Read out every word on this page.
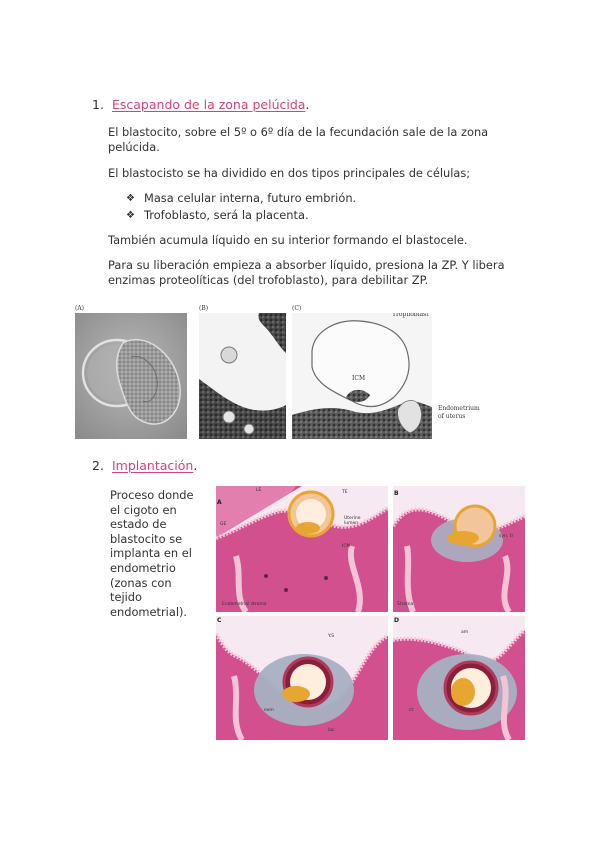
1. Escapando de la zona pelúcida.
El blastocito, sobre el 5º o 6º día de la fecundación sale de la zona
pelúcida.
El blastocisto se ha dividido en dos tipos principales de células;
❖ Masa celular interna, futuro embrión.
❖ Trofoblasto, será la placenta.
También acumula líquido en su interior formando el blastocele.
Para su liberación empieza a absorber líquido, presiona la ZP. Y libera
enzimas proteolíticas (del trofoblasto), para debilitar ZP.
(A)	(B)	(C)
Trophoblast
ICM
Endometrium
of uterus
2. Implantación.
Proceso donde
el cigoto en
estado de
blastocito se
implanta en el
endometrio
(zonas con
tejido
endometrial).
LE	TE
GE
Uterine lumen
ICM
Endometrial stroma
A
syn. tr
Stroma
B
Y.S
exm
lac
C
am
ct
D
